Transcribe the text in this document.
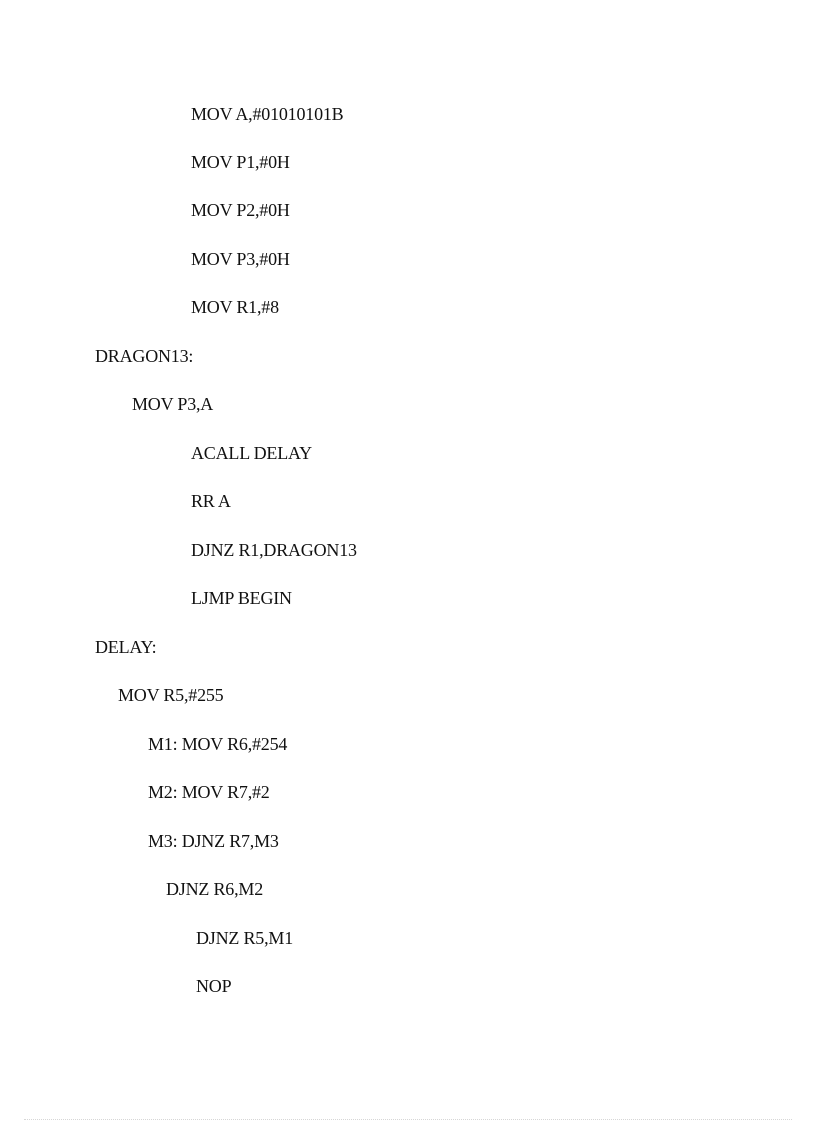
MOV A,#01010101B
MOV P1,#0H
MOV P2,#0H
MOV P3,#0H
MOV R1,#8
DRAGON13:
MOV P3,A
ACALL DELAY
RR A
DJNZ R1,DRAGON13
LJMP BEGIN
DELAY:
MOV R5,#255
M1: MOV R6,#254
M2: MOV R7,#2
M3: DJNZ R7,M3
DJNZ R6,M2
DJNZ R5,M1
NOP
